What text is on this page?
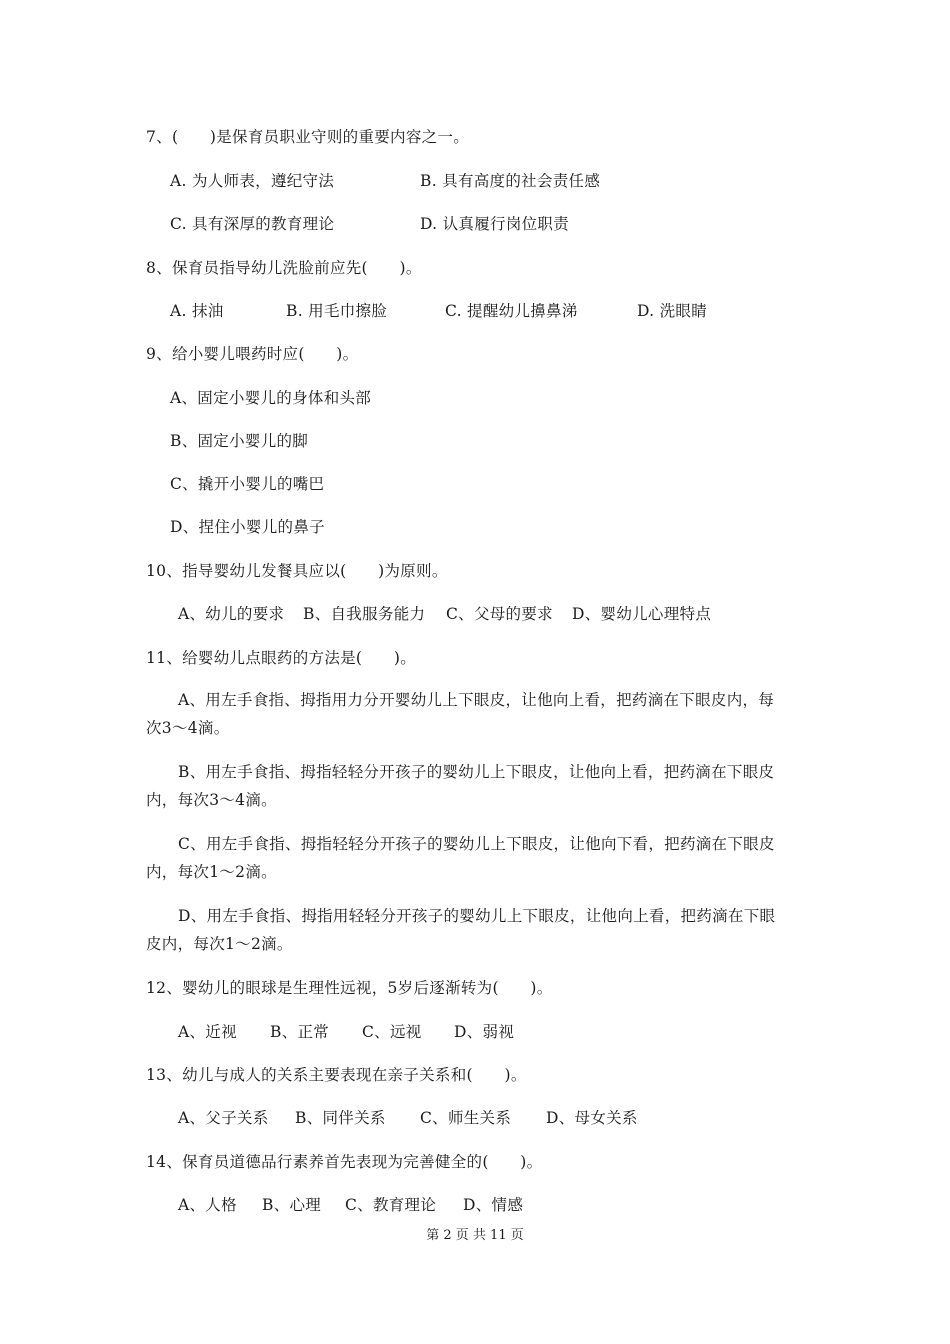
7、(　　)是保育员职业守则的重要内容之一。
A. 为人师表，遵纪守法	B. 具有高度的社会责任感
C. 具有深厚的教育理论	D. 认真履行岗位职责
8、保育员指导幼儿洗脸前应先(　　)。
A. 抹油	B. 用毛巾擦脸	C. 提醒幼儿擤鼻涕	D. 洗眼睛
9、给小婴儿喂药时应(　　)。
A、固定小婴儿的身体和头部
B、固定小婴儿的脚
C、撬开小婴儿的嘴巴
D、捏住小婴儿的鼻子
10、指导婴幼儿发餐具应以(　　)为原则。
A、幼儿的要求 B、自我服务能力 C、父母的要求 D、婴幼儿心理特点
11、给婴幼儿点眼药的方法是(　　)。
A、用左手食指、拇指用力分开婴幼儿上下眼皮，让他向上看，把药滴在下眼皮内，每
次3～4滴。
B、用左手食指、拇指轻轻分开孩子的婴幼儿上下眼皮，让他向上看，把药滴在下眼皮
内，每次3～4滴。
C、用左手食指、拇指轻轻分开孩子的婴幼儿上下眼皮，让他向下看，把药滴在下眼皮
内，每次1～2滴。
D、用左手食指、拇指用轻轻分开孩子的婴幼儿上下眼皮，让他向上看，把药滴在下眼
皮内，每次1～2滴。
12、婴幼儿的眼球是生理性远视，5岁后逐渐转为(　　)。
A、近视 B、正常 C、远视 D、弱视
13、幼儿与成人的关系主要表现在亲子关系和(　　)。
A、父子关系 B、同伴关系 C、师生关系 D、母女关系
14、保育员道德品行素养首先表现为完善健全的(　　)。
A、人格 B、心理 C、教育理论 D、情感
第 2 页 共 11 页
